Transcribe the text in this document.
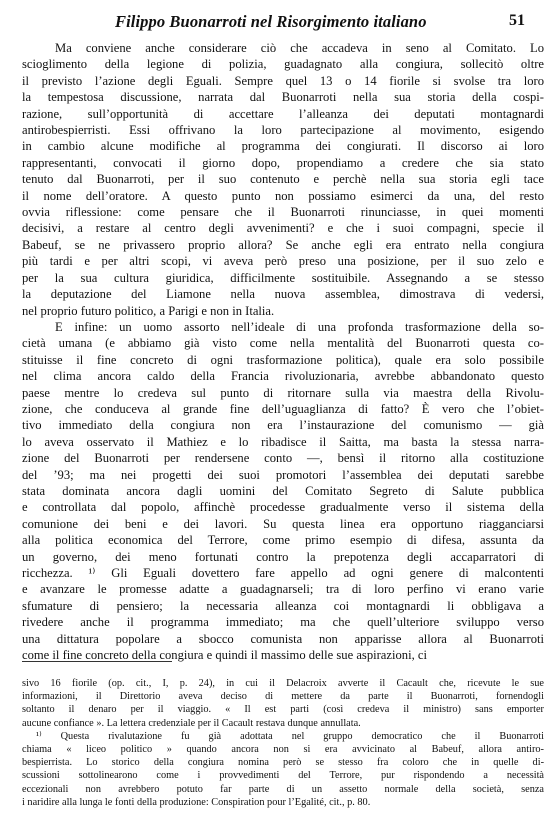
Filippo Buonarroti nel Risorgimento italiano	51
Ma conviene anche considerare ciò che accadeva in seno al Comitato. Lo
scioglimento della legione di polizia, guadagnato alla congiura, sollecitò oltre
il previsto l’azione degli Eguali. Sempre quel 13 o 14 fiorile si svolse tra loro
la tempestosa discussione, narrata dal Buonarroti nella sua storia della cospi-
razione, sull’opportunità di accettare l’alleanza dei deputati montagnardi
antirobespierristi. Essi offrivano la loro partecipazione al movimento, esigendo
in cambio alcune modifiche al programma dei congiurati. Il discorso ai loro
rappresentanti, convocati il giorno dopo, propendiamo a credere che sia stato
tenuto dal Buonarroti, per il suo contenuto e perchè nella sua storia egli tace
il nome dell’oratore. A questo punto non possiamo esimerci da una, del resto
ovvia riflessione: come pensare che il Buonarroti rinunciasse, in quei momenti
decisivi, a restare al centro degli avvenimenti? e che i suoi compagni, specie il
Babeuf, se ne privassero proprio allora? Se anche egli era entrato nella congiura
più tardi e per altri scopi, vi aveva però preso una posizione, per il suo zelo e
per la sua cultura giuridica, difficilmente sostituibile. Assegnando a se stesso
la deputazione del Liamone nella nuova assemblea, dimostrava di vedersi,
nel proprio futuro politico, a Parigi e non in Italia.
E infine: un uomo assorto nell’ideale di una profonda trasformazione della so-
cietà umana (e abbiamo già visto come nella mentalità del Buonarroti questa co-
stituisse il fine concreto di ogni trasformazione politica), quale era solo possibile
nel clima ancora caldo della Francia rivoluzionaria, avrebbe abbandonato questo
paese mentre lo credeva sul punto di ritornare sulla via maestra della Rivolu-
zione, che conduceva al grande fine dell’uguaglianza di fatto? È vero che l’obiet-
tivo immediato della congiura non era l’instaurazione del comunismo — già
lo aveva osservato il Mathiez e lo ribadisce il Saitta, ma basta la stessa narra-
zione del Buonarroti per rendersene conto —, bensì il ritorno alla costituzione
del ’93; ma nei progetti dei suoi promotori l’assemblea dei deputati sarebbe
stata dominata ancora dagli uomini del Comitato Segreto di Salute pubblica
e controllata dal popolo, affinchè procedesse gradualmente verso il sistema della
comunione dei beni e dei lavori. Su questa linea era opportuno riagganciarsi
alla politica economica del Terrore, come primo esempio di difesa, assunta da
un governo, dei meno fortunati contro la prepotenza degli accaparratori di
ricchezza. ¹⁾ Gli Eguali dovettero fare appello ad ogni genere di malcontenti
e avanzare le promesse adatte a guadagnarseli; tra di loro perfino vi erano varie
sfumature di pensiero; la necessaria alleanza coi montagnardi li obbligava a
rivedere anche il programma immediato; ma che quell’ulteriore sviluppo verso
una dittatura popolare a sbocco comunista non apparisse allora al Buonarroti
come il fine concreto della congiura e quindi il massimo delle sue aspirazioni, ci
sivo 16 fiorile (op. cit., I, p. 24), in cui il Delacroix avverte il Cacault che, ricevute le sue
informazioni, il Direttorio aveva deciso di mettere da parte il Buonarroti, fornendogli
soltanto il denaro per il viaggio. « Il est parti (così credeva il ministro) sans emporter
aucune confiance ». La lettera credenziale per il Cacault restava dunque annullata.
¹⁾ Questa rivalutazione fu già adottata nel gruppo democratico che il Buonarroti
chiama « liceo politico » quando ancora non si era avvicinato al Babeuf, allora antiro-
bespierrista. Lo storico della congiura nomina però se stesso fra coloro che in quelle di-
scussioni sottolinearono come i provvedimenti del Terrore, pur rispondendo a necessità
eccezionali non avrebbero potuto far parte di un assetto normale della società, senza
i naridire alla lunga le fonti della produzione: Conspiration pour l’Egalité, cit., p. 80.
